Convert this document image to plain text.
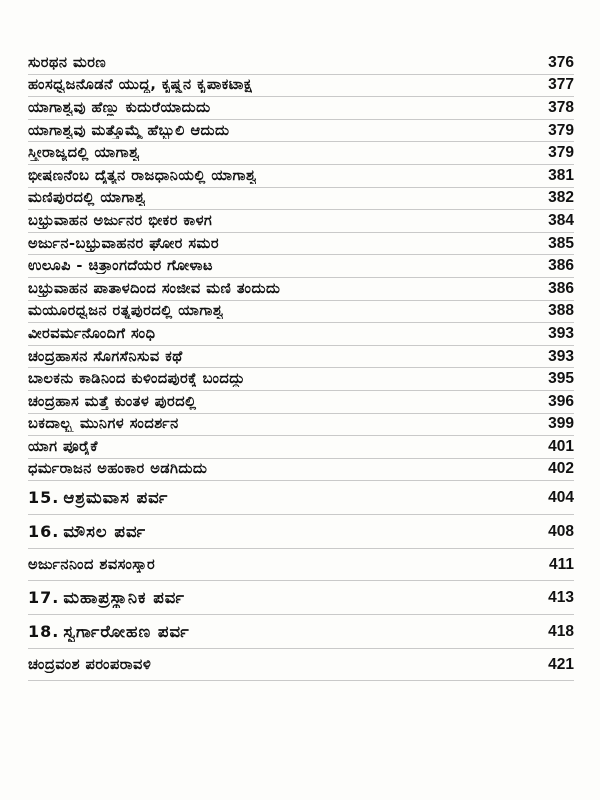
ಸುರಥನ ಮರಣ	376
ಹಂಸಧ್ವಜನೊಡನೆ ಯುದ್ಧ, ಕೃಷ್ಣನ ಕೃಪಾಕಟಾಕ್ಷ	377
ಯಾಗಾಶ್ವವು ಹೆಣ್ಣು ಕುದುರೆಯಾದುದು	378
ಯಾಗಾಶ್ವವು ಮತ್ತೊಮ್ಮೆ ಹೆಬ್ಬುಲಿ ಆದುದು	379
ಸ್ತ್ರೀರಾಜ್ಯದಲ್ಲಿ ಯಾಗಾಶ್ವ	379
ಭೀಷಣನೆಂಬ ದೈತ್ಯನ ರಾಜಧಾನಿಯಲ್ಲಿ ಯಾಗಾಶ್ವ	381
ಮಣಿಪುರದಲ್ಲಿ ಯಾಗಾಶ್ವ	382
ಬಭ್ರುವಾಹನ ಅರ್ಜುನರ ಭೀಕರ ಕಾಳಗ	384
ಅರ್ಜುನ-ಬಭ್ರುವಾಹನರ ಘೋರ ಸಮರ	385
ಉಲೂಪಿ - ಚಿತ್ರಾಂಗದೆಯರ ಗೋಳಾಟ	386
ಬಭ್ರುವಾಹನ ಪಾತಾಳದಿಂದ ಸಂಜೀವ ಮಣಿ ತಂದುದು	386
ಮಯೂರಧ್ವಜನ ರತ್ನಪುರದಲ್ಲಿ ಯಾಗಾಶ್ವ	388
ವೀರವರ್ಮನೊಂದಿಗೆ ಸಂಧಿ	393
ಚಂದ್ರಹಾಸನ ಸೊಗಸೆನಿಸುವ ಕಥೆ	393
ಬಾಲಕನು ಕಾಡಿನಿಂದ ಕುಳಿಂದಪುರಕ್ಕೆ ಬಂದದ್ದು	395
ಚಂದ್ರಹಾಸ ಮತ್ತೆ ಕುಂತಳ ಪುರದಲ್ಲಿ	396
ಬಕದಾಲ್ಭ್ಯ ಮುನಿಗಳ ಸಂದರ್ಶನ	399
ಯಾಗ ಪೂರೈಕೆ	401
ಧರ್ಮರಾಜನ ಅಹಂಕಾರ ಅಡಗಿದುದು	402
15. ಆಶ್ರಮವಾಸ ಪರ್ವ	404
16. ಮೌಸಲ ಪರ್ವ	408
ಅರ್ಜುನನಿಂದ ಶವಸಂಸ್ಕಾರ	411
17. ಮಹಾಪ್ರಸ್ಥಾನಿಕ ಪರ್ವ	413
18. ಸ್ವರ್ಗಾರೋಹಣ ಪರ್ವ	418
ಚಂದ್ರವಂಶ ಪರಂಪರಾವಳಿ	421
